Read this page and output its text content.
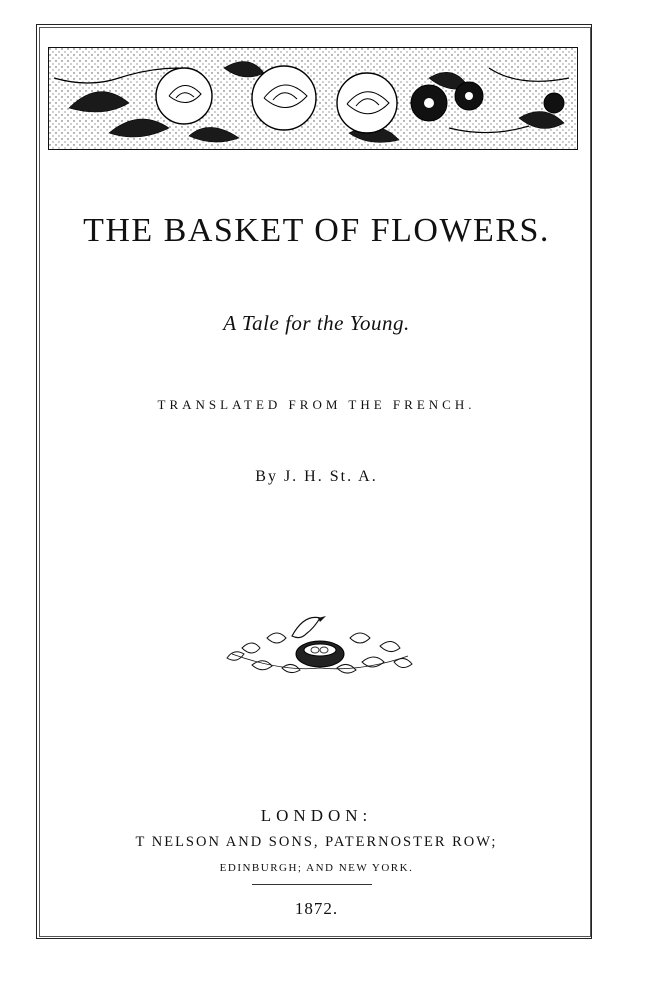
THE BASKET OF FLOWERS.
A Tale for the Young.
TRANSLATED FROM THE FRENCH.
By J. H. St. A.
LONDON:
T NELSON AND SONS, PATERNOSTER ROW;
EDINBURGH; AND NEW YORK.
1872.
